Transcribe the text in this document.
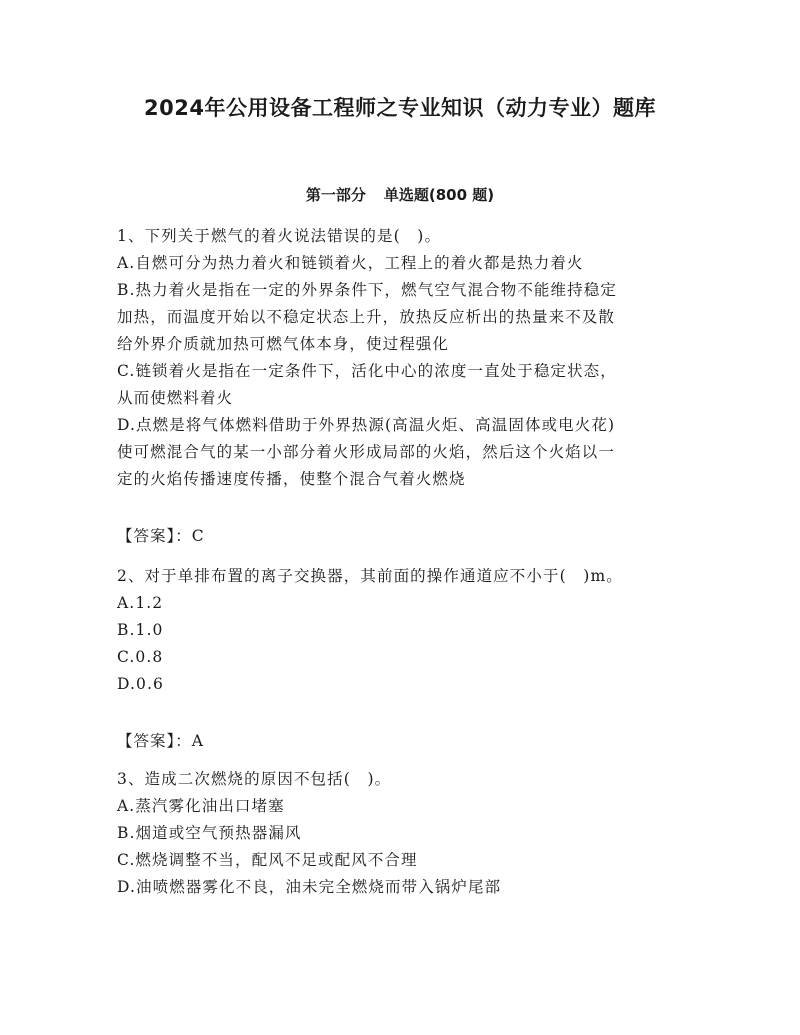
2024年公用设备工程师之专业知识（动力专业）题库
第一部分 单选题(800 题)
1、下列关于燃气的着火说法错误的是(　)。
A.自燃可分为热力着火和链锁着火，工程上的着火都是热力着火
B.热力着火是指在一定的外界条件下，燃气空气混合物不能维持稳定
加热，而温度开始以不稳定状态上升，放热反应析出的热量来不及散
给外界介质就加热可燃气体本身，使过程强化
C.链锁着火是指在一定条件下，活化中心的浓度一直处于稳定状态，
从而使燃料着火
D.点燃是将气体燃料借助于外界热源(高温火炬、高温固体或电火花)
使可燃混合气的某一小部分着火形成局部的火焰，然后这个火焰以一
定的火焰传播速度传播，使整个混合气着火燃烧
【答案】：C
2、对于单排布置的离子交换器，其前面的操作通道应不小于(　)m。
A.1.2
B.1.0
C.0.8
D.0.6
【答案】：A
3、造成二次燃烧的原因不包括(　)。
A.蒸汽雾化油出口堵塞
B.烟道或空气预热器漏风
C.燃烧调整不当，配风不足或配风不合理
D.油喷燃器雾化不良，油未完全燃烧而带入锅炉尾部
